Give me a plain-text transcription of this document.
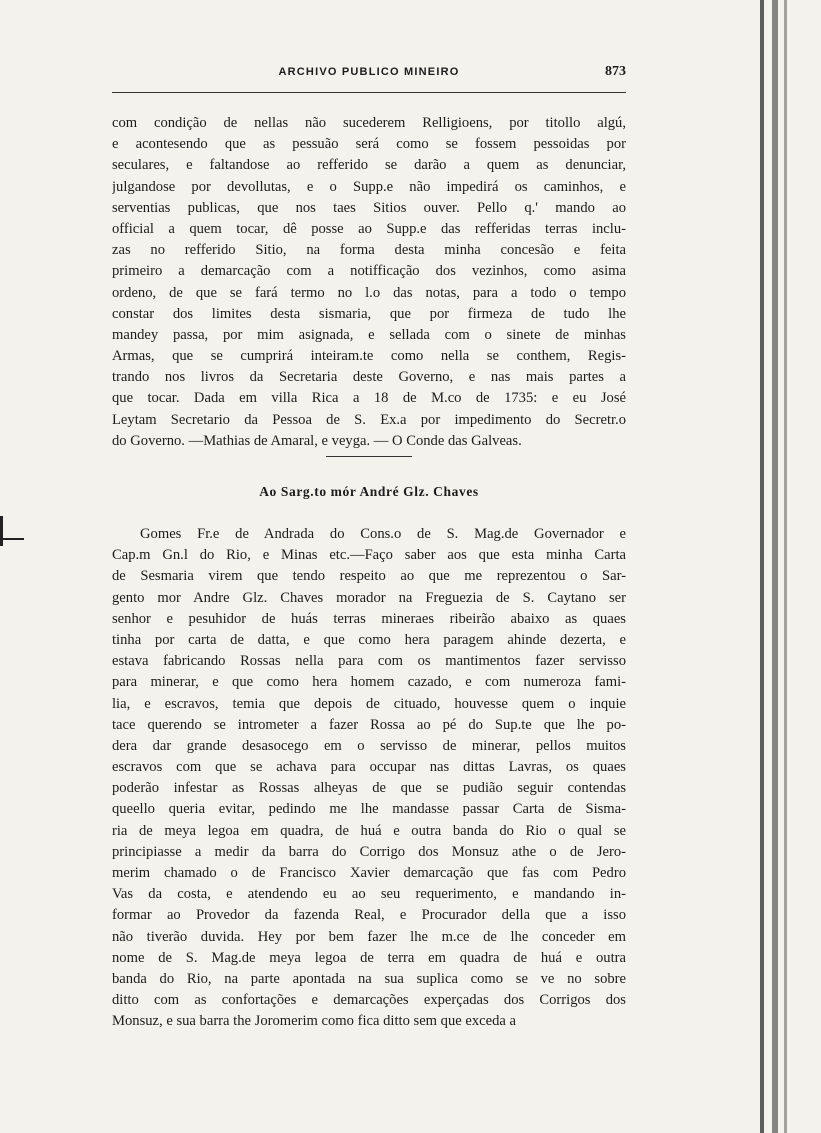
ARCHIVO PUBLICO MINEIRO	873
com condição de nellas não sucederem Relligioens, por titollo algú,
e acontesendo que as pessuão será como se fossem pessoidas por
seculares, e faltandose ao refferido se darão a quem as denunciar,
julgandose por devollutas, e o Supp.e não impedirá os caminhos, e
serventias publicas, que nos taes Sitios ouver. Pello q.' mando ao
official a quem tocar, dê posse ao Supp.e das refferidas terras inclu-
zas no refferido Sitio, na forma desta minha concesão e feita
primeiro a demarcação com a notifficação dos vezinhos, como asima
ordeno, de que se fará termo no l.o das notas, para a todo o tempo
constar dos limites desta sismaria, que por firmeza de tudo lhe
mandey passa, por mim asignada, e sellada com o sinete de minhas
Armas, que se cumprirá inteiram.te como nella se conthem, Regis-
trando nos livros da Secretaria deste Governo, e nas mais partes a
que tocar. Dada em villa Rica a 18 de M.co de 1735: e eu José
Leytam Secretario da Pessoa de S. Ex.a por impedimento do Secretr.o
do Governo. —Mathias de Amaral, e veyga. — O Conde das Galveas.
Ao Sarg.to mór André Glz. Chaves
Gomes Fr.e de Andrada do Cons.o de S. Mag.de Governador e
Cap.m Gn.l do Rio, e Minas etc.—Faço saber aos que esta minha Carta
de Sesmaria virem que tendo respeito ao que me reprezentou o Sar-
gento mor Andre Glz. Chaves morador na Freguezia de S. Caytano ser
senhor e pesuhidor de huás terras mineraes ribeirão abaixo as quaes
tinha por carta de datta, e que como hera paragem ahinde dezerta, e
estava fabricando Rossas nella para com os mantimentos fazer servisso
para minerar, e que como hera homem cazado, e com numeroza fami-
lia, e escravos, temia que depois de cituado, houvesse quem o inquie
tace querendo se intrometer a fazer Rossa ao pé do Sup.te que lhe po-
dera dar grande desasocego em o servisso de minerar, pellos muitos
escravos com que se achava para occupar nas dittas Lavras, os quaes
poderão infestar as Rossas alheyas de que se pudião seguir contendas
queello queria evitar, pedindo me lhe mandasse passar Carta de Sisma-
ria de meya legoa em quadra, de huá e outra banda do Rio o qual se
principiasse a medir da barra do Corrigo dos Monsuz athe o de Jero-
merim chamado o de Francisco Xavier demarcação que fas com Pedro
Vas da costa, e atendendo eu ao seu requerimento, e mandando in-
formar ao Provedor da fazenda Real, e Procurador della que a isso
não tiverão duvida. Hey por bem fazer lhe m.ce de lhe conceder em
nome de S. Mag.de meya legoa de terra em quadra de huá e outra
banda do Rio, na parte apontada na sua suplica como se ve no sobre
ditto com as confortações e demarcações experçadas dos Corrigos dos
Monsuz, e sua barra the Joromerim como fica ditto sem que exceda a
